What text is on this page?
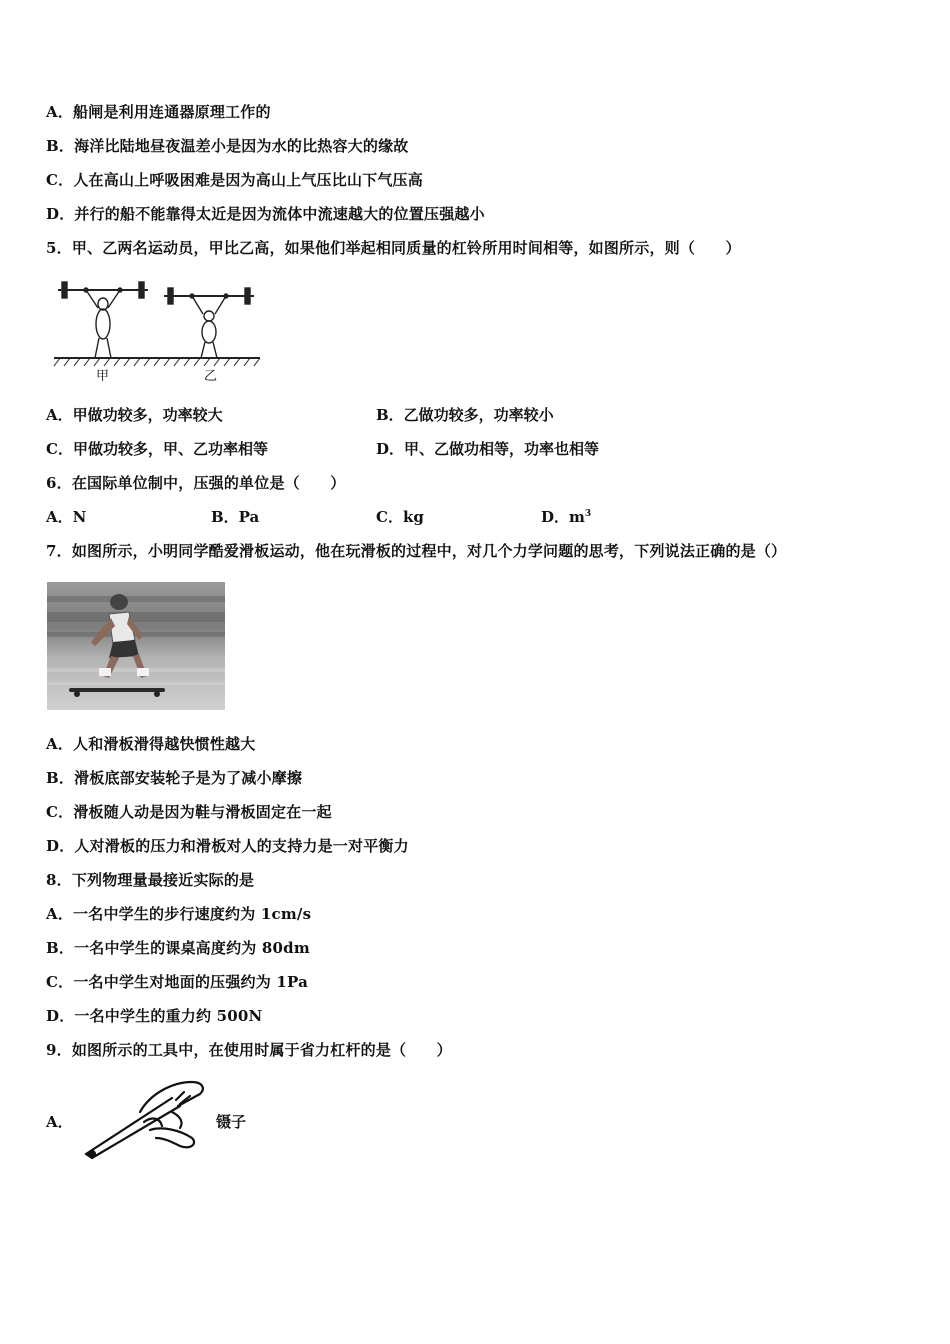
A．船闸是利用连通器原理工作的
B．海洋比陆地昼夜温差小是因为水的比热容大的缘故
C．人在高山上呼吸困难是因为高山上气压比山下气压高
D．并行的船不能靠得太近是因为流体中流速越大的位置压强越小
5．甲、乙两名运动员，甲比乙高，如果他们举起相同质量的杠铃所用时间相等，如图所示，则（　　）
甲	乙
A．甲做功较多，功率较大	B．乙做功较多，功率较小
C．甲做功较多，甲、乙功率相等	D．甲、乙做功相等，功率也相等
6．在国际单位制中，压强的单位是（　　）
A．N	B．Pa	C．kg	D．$m^3$
7．如图所示，小明同学酷爱滑板运动，他在玩滑板的过程中，对几个力学问题的思考，下列说法正确的是（）
A．人和滑板滑得越快惯性越大
B．滑板底部安装轮子是为了减小摩擦
C．滑板随人动是因为鞋与滑板固定在一起
D．人对滑板的压力和滑板对人的支持力是一对平衡力
8．下列物理量最接近实际的是
A．一名中学生的步行速度约为 1cm/s
B．一名中学生的课桌高度约为 80dm
C．一名中学生对地面的压强约为 1Pa
D．一名中学生的重力约 500N
9．如图所示的工具中，在使用时属于省力杠杆的是（　　）
A．	镊子
